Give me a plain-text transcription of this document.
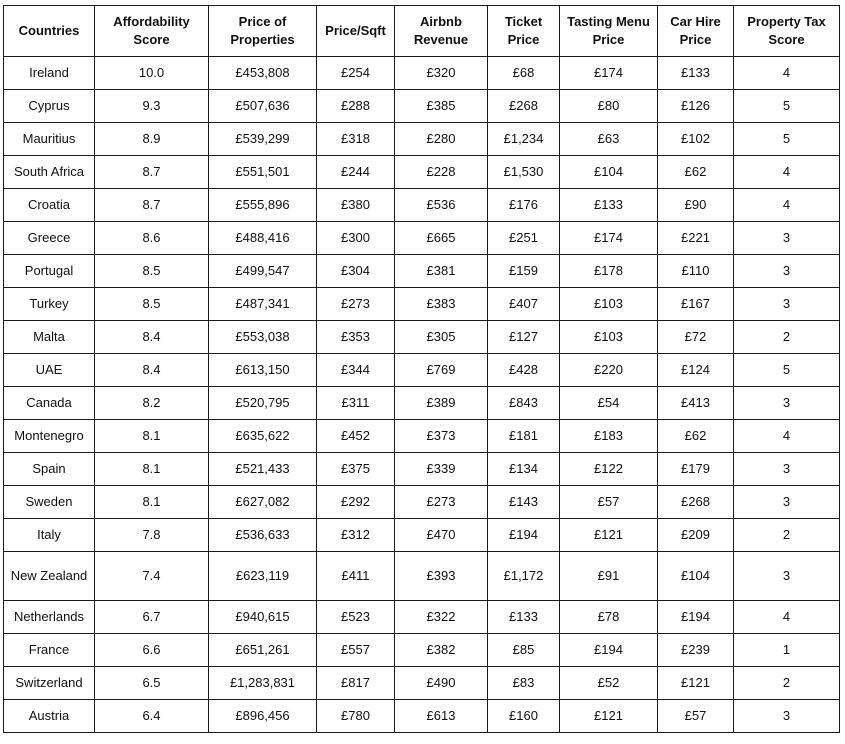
Countries	Affordability Score	Price of Properties	Price/Sqft	Airbnb Revenue	Ticket Price	Tasting Menu Price	Car Hire Price	Property Tax Score
Ireland	10.0	£453,808	£254	£320	£68	£174	£133	4
Cyprus	9.3	£507,636	£288	£385	£268	£80	£126	5
Mauritius	8.9	£539,299	£318	£280	£1,234	£63	£102	5
South Africa	8.7	£551,501	£244	£228	£1,530	£104	£62	4
Croatia	8.7	£555,896	£380	£536	£176	£133	£90	4
Greece	8.6	£488,416	£300	£665	£251	£174	£221	3
Portugal	8.5	£499,547	£304	£381	£159	£178	£110	3
Turkey	8.5	£487,341	£273	£383	£407	£103	£167	3
Malta	8.4	£553,038	£353	£305	£127	£103	£72	2
UAE	8.4	£613,150	£344	£769	£428	£220	£124	5
Canada	8.2	£520,795	£311	£389	£843	£54	£413	3
Montenegro	8.1	£635,622	£452	£373	£181	£183	£62	4
Spain	8.1	£521,433	£375	£339	£134	£122	£179	3
Sweden	8.1	£627,082	£292	£273	£143	£57	£268	3
Italy	7.8	£536,633	£312	£470	£194	£121	£209	2
New Zealand	7.4	£623,119	£411	£393	£1,172	£91	£104	3
Netherlands	6.7	£940,615	£523	£322	£133	£78	£194	4
France	6.6	£651,261	£557	£382	£85	£194	£239	1
Switzerland	6.5	£1,283,831	£817	£490	£83	£52	£121	2
Austria	6.4	£896,456	£780	£613	£160	£121	£57	3
